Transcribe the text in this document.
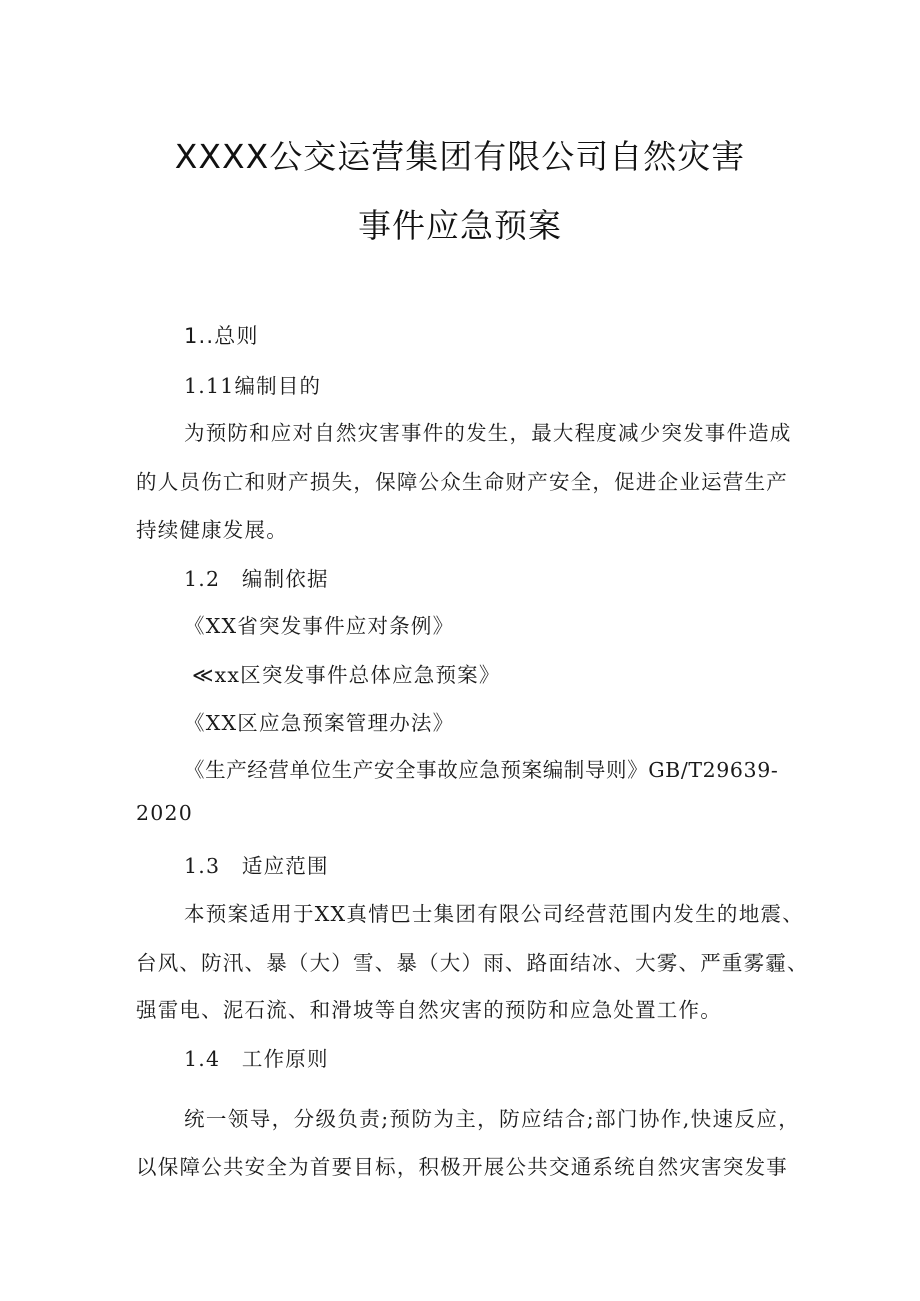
XXXX公交运营集团有限公司自然灾害
事件应急预案
1..总则
1.11编制目的
为预防和应对自然灾害事件的发生，最大程度减少突发事件造成
的人员伤亡和财产损失，保障公众生命财产安全，促进企业运营生产
持续健康发展。
1.2　编制依据
《XX省突发事件应对条例》
≪xx区突发事件总体应急预案》
《XX区应急预案管理办法》
《生产经营单位生产安全事故应急预案编制导则》GB/T29639-
2020
1.3　适应范围
本预案适用于XX真情巴士集团有限公司经营范围内发生的地震、
台风、防汛、暴（大）雪、暴（大）雨、路面结冰、大雾、严重雾霾、
强雷电、泥石流、和滑坡等自然灾害的预防和应急处置工作。
1.4　工作原则
统一领导，分级负责;预防为主，防应结合;部门协作,快速反应，
以保障公共安全为首要目标，积极开展公共交通系统自然灾害突发事
